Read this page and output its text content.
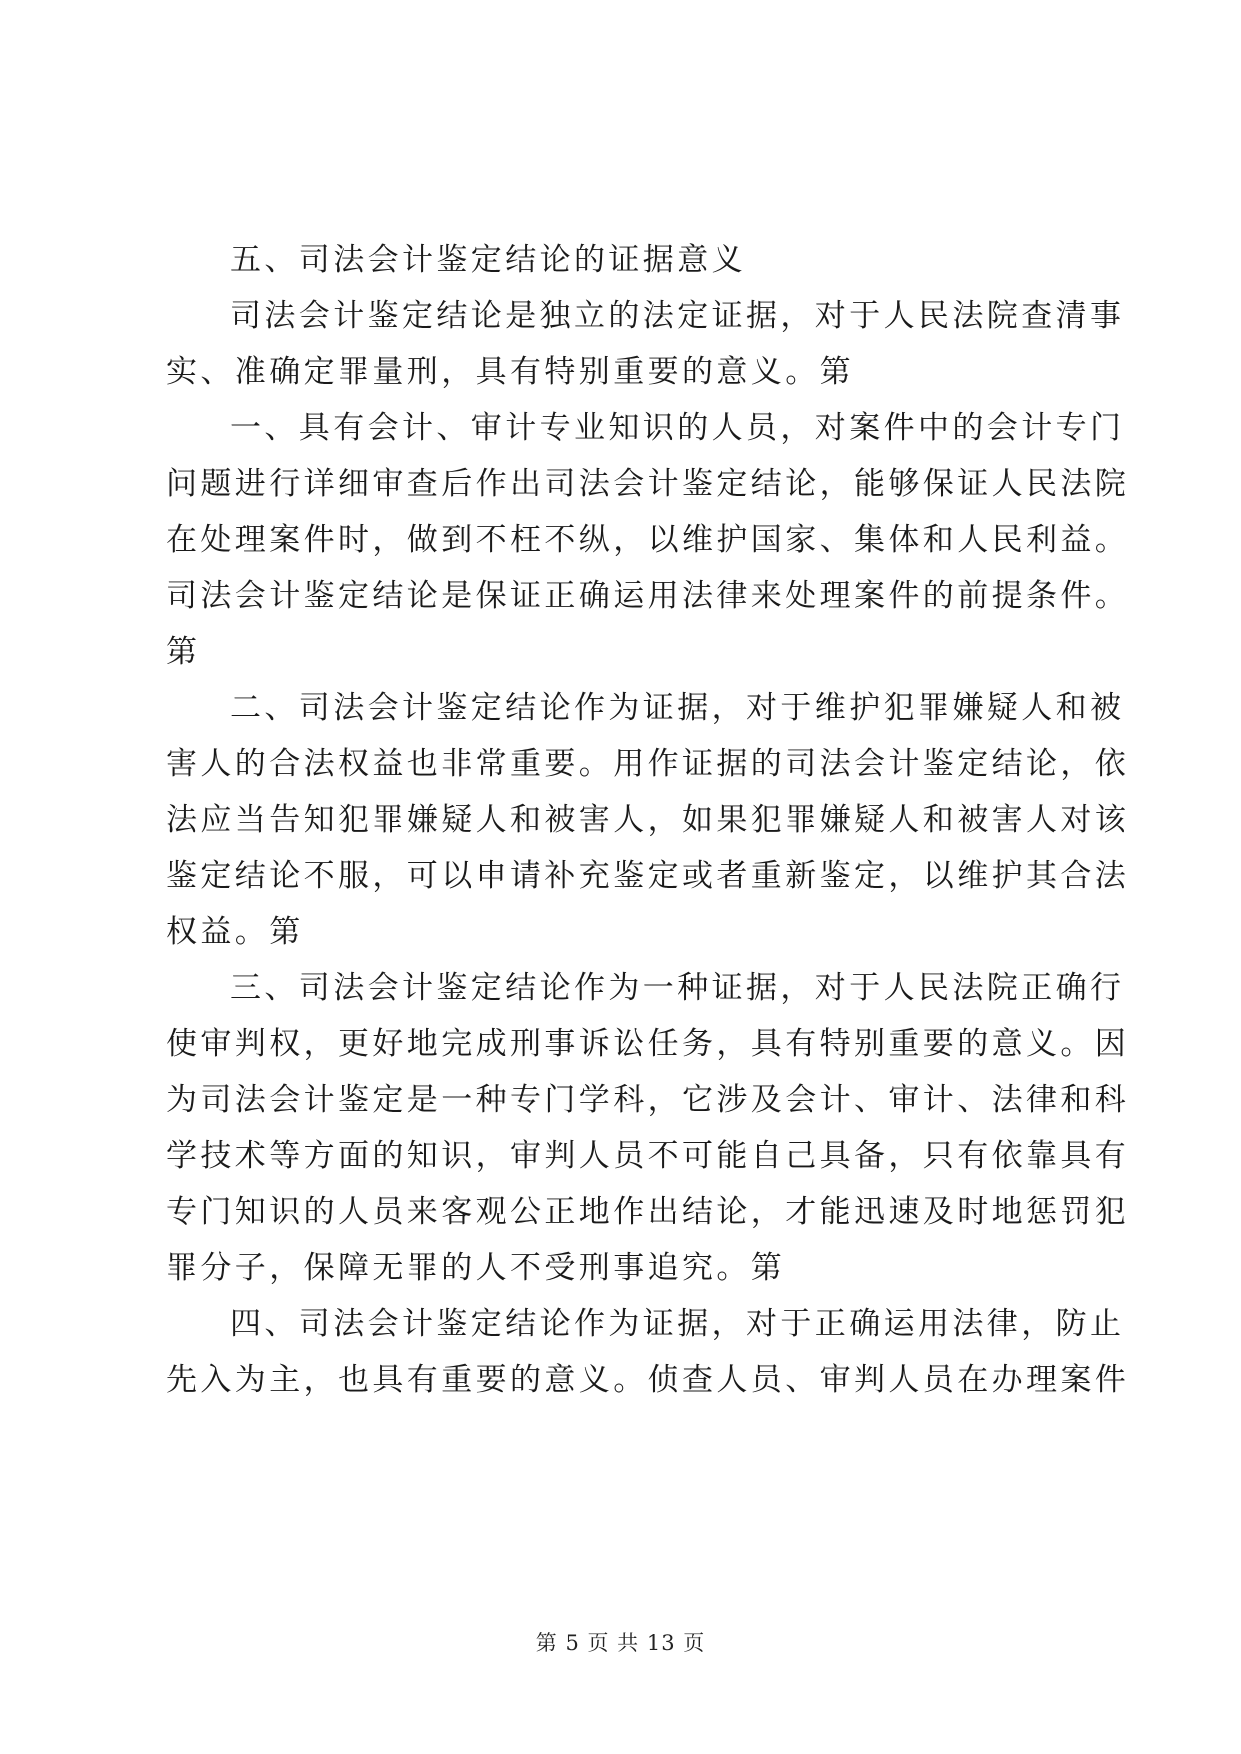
五、司法会计鉴定结论的证据意义
司法会计鉴定结论是独立的法定证据，对于人民法院查清事
实、准确定罪量刑，具有特别重要的意义。第
一、具有会计、审计专业知识的人员，对案件中的会计专门
问题进行详细审查后作出司法会计鉴定结论，能够保证人民法院
在处理案件时，做到不枉不纵，以维护国家、集体和人民利益。
司法会计鉴定结论是保证正确运用法律来处理案件的前提条件。
第
二、司法会计鉴定结论作为证据，对于维护犯罪嫌疑人和被
害人的合法权益也非常重要。用作证据的司法会计鉴定结论，依
法应当告知犯罪嫌疑人和被害人，如果犯罪嫌疑人和被害人对该
鉴定结论不服，可以申请补充鉴定或者重新鉴定，以维护其合法
权益。第
三、司法会计鉴定结论作为一种证据，对于人民法院正确行
使审判权，更好地完成刑事诉讼任务，具有特别重要的意义。因
为司法会计鉴定是一种专门学科，它涉及会计、审计、法律和科
学技术等方面的知识，审判人员不可能自己具备，只有依靠具有
专门知识的人员来客观公正地作出结论，才能迅速及时地惩罚犯
罪分子，保障无罪的人不受刑事追究。第
四、司法会计鉴定结论作为证据，对于正确运用法律，防止
先入为主，也具有重要的意义。侦查人员、审判人员在办理案件
第 5 页 共 13 页
